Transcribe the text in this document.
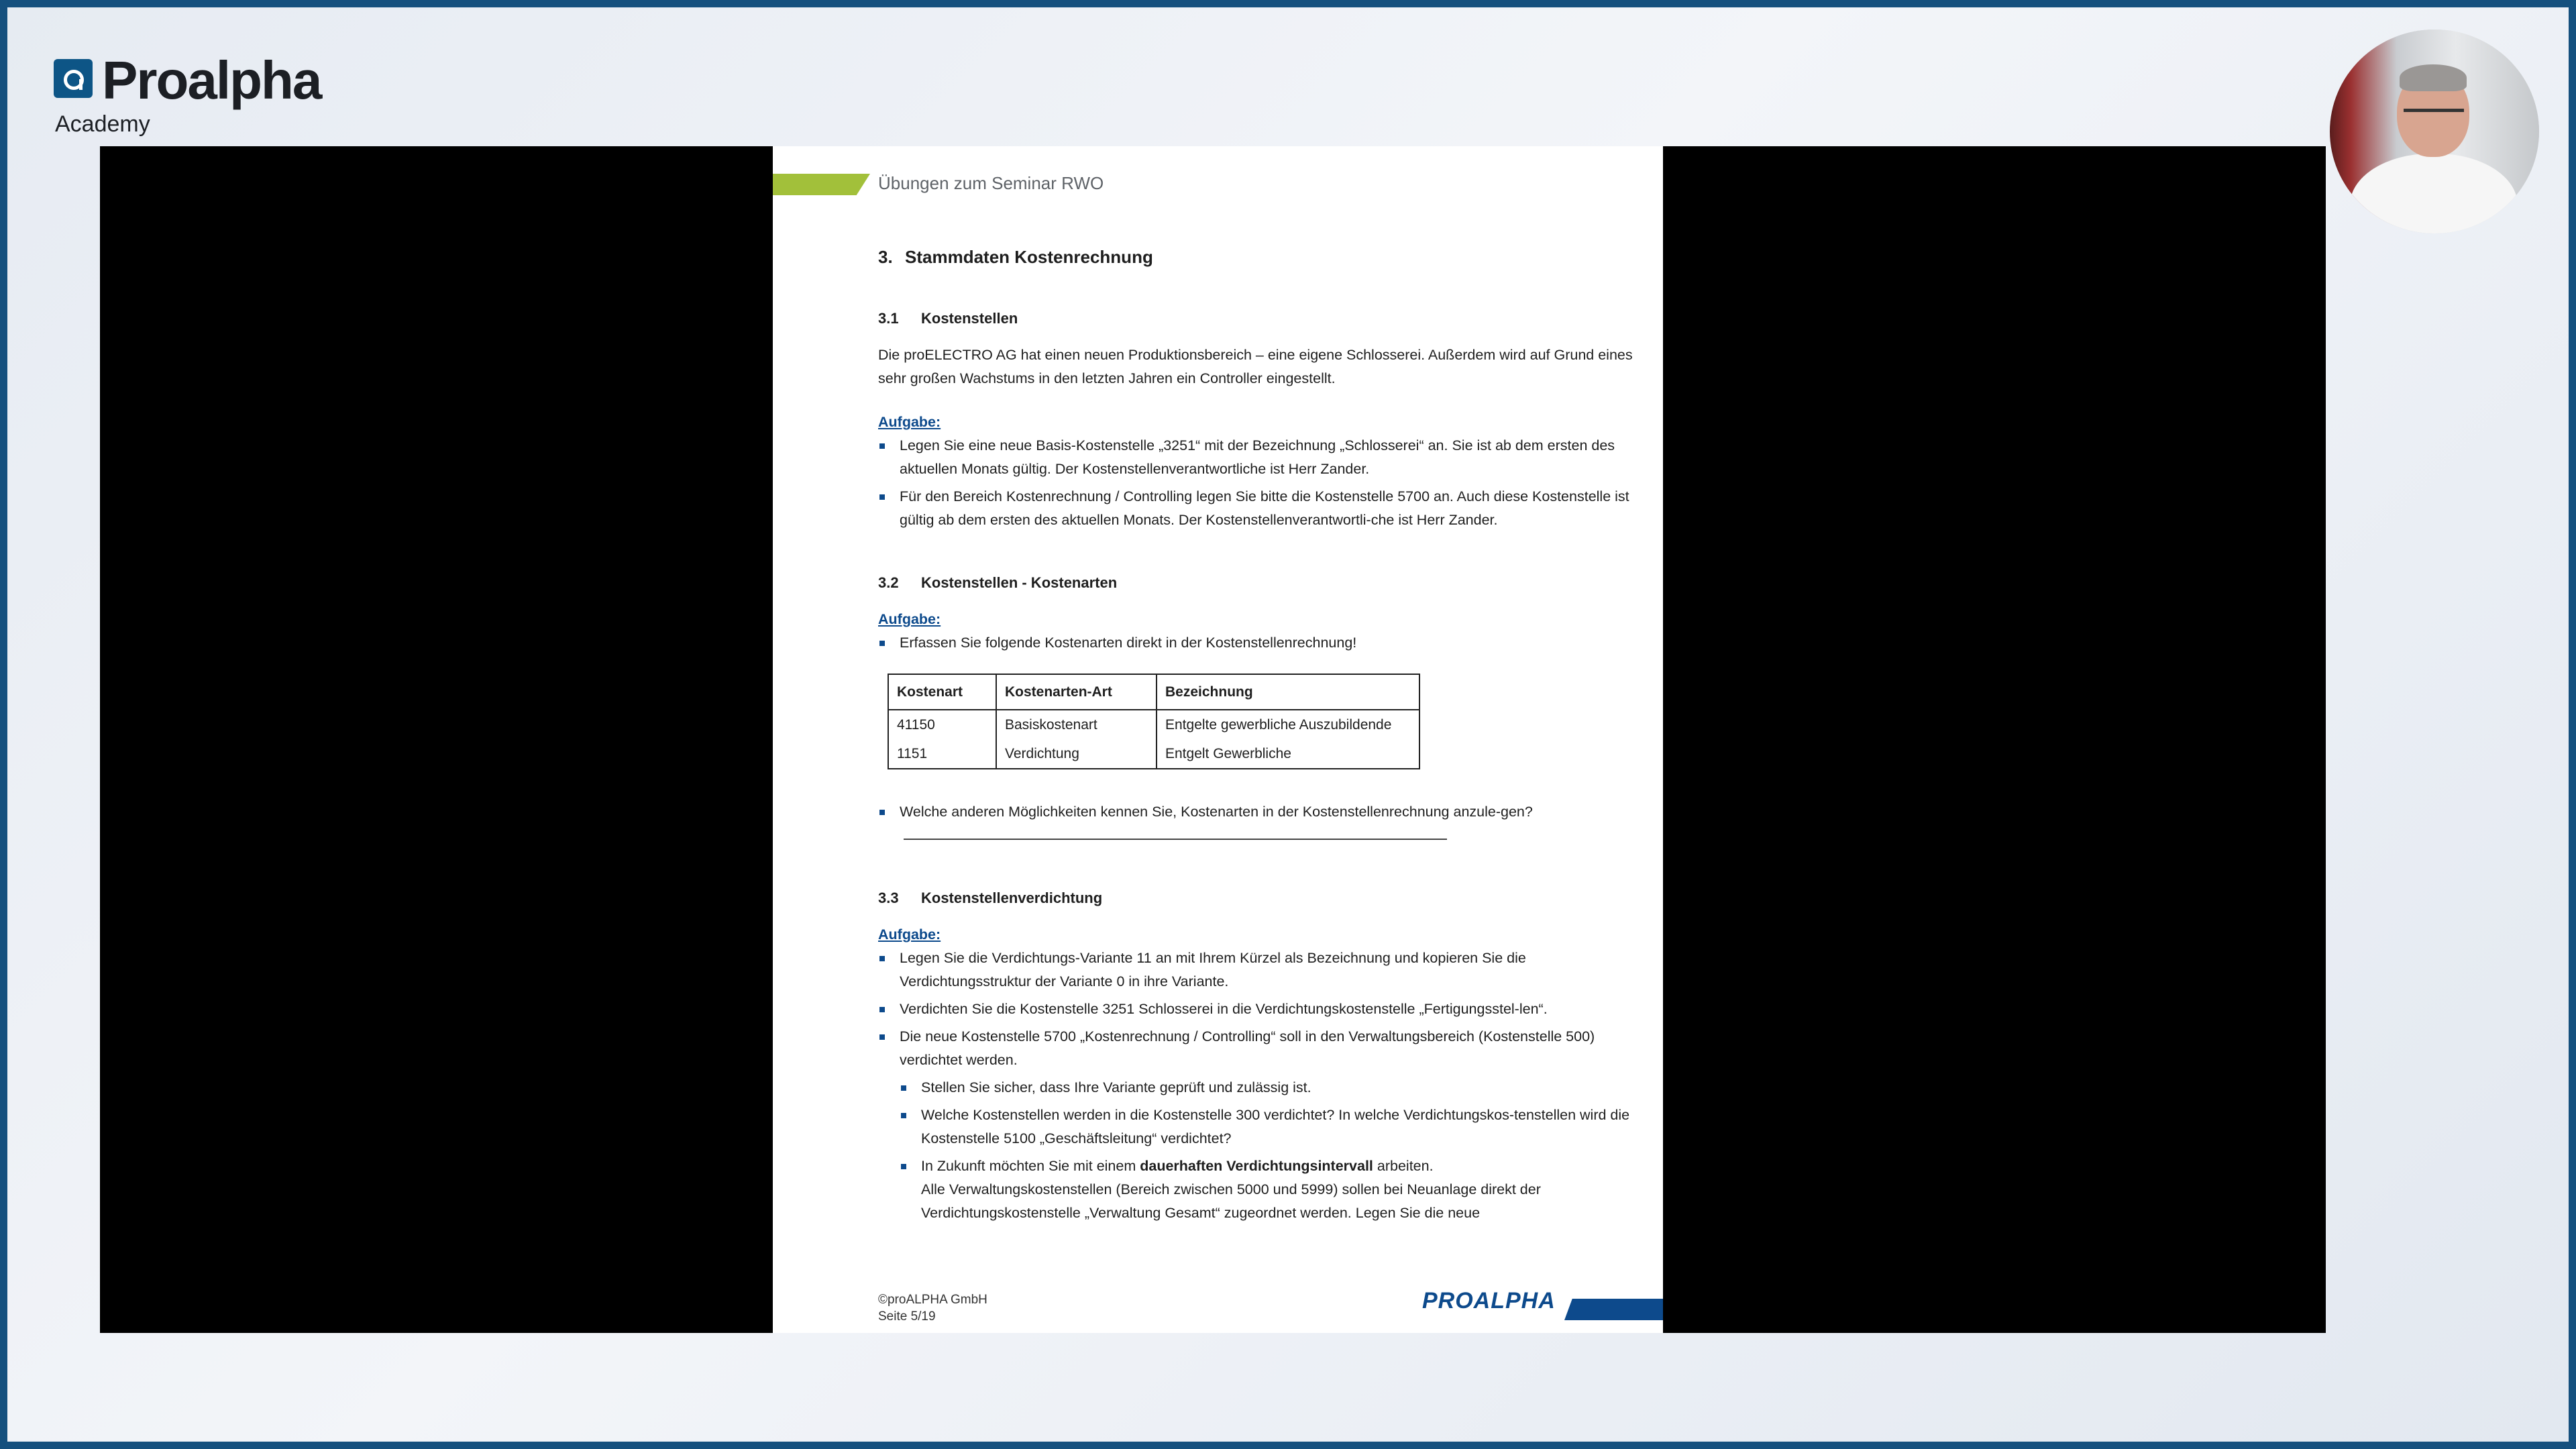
Proalpha
Academy
Übungen zum Seminar RWO
3. Stammdaten Kostenrechnung
3.1 Kostenstellen

Die proELECTRO AG hat einen neuen Produktionsbereich – eine eigene Schlosserei. Außerdem wird auf Grund eines sehr großen Wachstums in den letzten Jahren ein Controller eingestellt.

Aufgabe:
Legen Sie eine neue Basis-Kostenstelle „3251“ mit der Bezeichnung „Schlosserei“ an. Sie ist ab dem ersten des aktuellen Monats gültig. Der Kostenstellenverantwortliche ist Herr Zander.
Für den Bereich Kostenrechnung / Controlling legen Sie bitte die Kostenstelle 5700 an. Auch diese Kostenstelle ist gültig ab dem ersten des aktuellen Monats. Der Kostenstellenverantwortli-che ist Herr Zander.
3.2 Kostenstellen - Kostenarten
Aufgabe:
Erfassen Sie folgende Kostenarten direkt in der Kostenstellenrechnung!
Kostenart	Kostenarten-Art	Bezeichnung
41150	Basiskostenart	Entgelte gewerbliche Auszubildende
1151	Verdichtung	Entgelt Gewerbliche
Welche anderen Möglichkeiten kennen Sie, Kostenarten in der Kostenstellenrechnung anzule-gen?
3.3 Kostenstellenverdichtung
Aufgabe:
Legen Sie die Verdichtungs-Variante 11 an mit Ihrem Kürzel als Bezeichnung und kopieren Sie die Verdichtungsstruktur der Variante 0 in ihre Variante.
Verdichten Sie die Kostenstelle 3251 Schlosserei in die Verdichtungskostenstelle „Fertigungsstel-len“.
Die neue Kostenstelle 5700 „Kostenrechnung / Controlling“ soll in den Verwaltungsbereich (Kostenstelle 500) verdichtet werden.
Stellen Sie sicher, dass Ihre Variante geprüft und zulässig ist.
Welche Kostenstellen werden in die Kostenstelle 300 verdichtet? In welche Verdichtungskos-tenstellen wird die Kostenstelle 5100 „Geschäftsleitung“ verdichtet?
In Zukunft möchten Sie mit einem dauerhaften Verdichtungsintervall arbeiten.
Alle Verwaltungskostenstellen (Bereich zwischen 5000 und 5999) sollen bei Neuanlage direkt der Verdichtungskostenstelle „Verwaltung Gesamt“ zugeordnet werden. Legen Sie die neue
©proALPHA GmbH
Seite 5/19
PROALPHA
